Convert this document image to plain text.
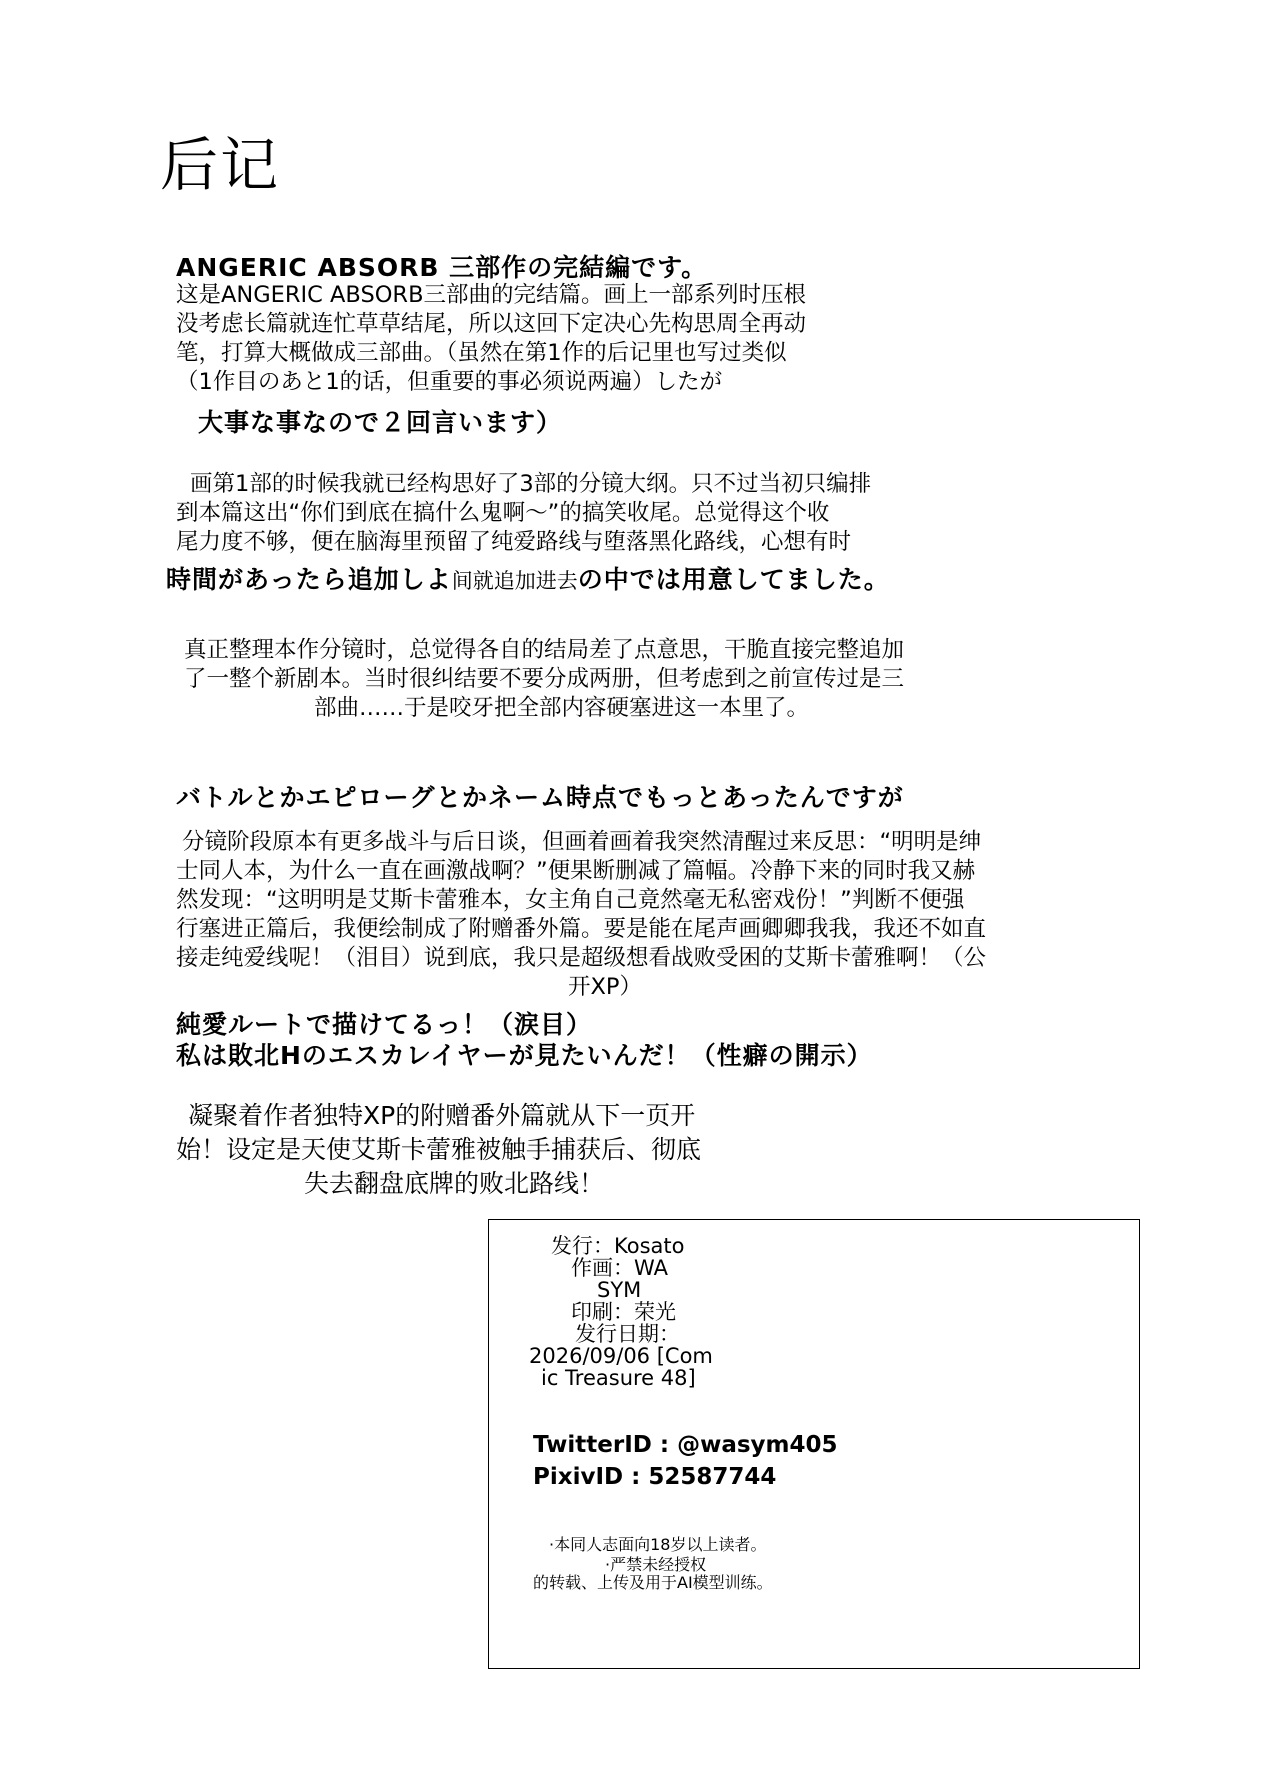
后记
ANGERIC ABSORB 三部作の完結編です。
这是ANGERIC ABSORB三部曲的完结篇。画上一部系列时压根
没考虑长篇就连忙草草结尾，所以这回下定决心先构思周全再动
笔，打算大概做成三部曲。（虽然在第1作的后记里也写过类似
（1作目のあと1的话，但重要的事必须说两遍）したが
大事な事なので２回言います）
画第1部的时候我就已经构思好了3部的分镜大纲。只不过当初只编排
到本篇这出“你们到底在搞什么鬼啊～”的搞笑收尾。总觉得这个收
尾力度不够，便在脑海里预留了纯爱路线与堕落黑化路线，心想有时
時間があったら追加しよ间就追加进去の中では用意してました。
真正整理本作分镜时，总觉得各自的结局差了点意思，干脆直接完整追加
了一整个新剧本。当时很纠结要不要分成两册，但考虑到之前宣传过是三
部曲……于是咬牙把全部内容硬塞进这一本里了。
バトルとかエピローグとかネーム時点でもっとあったんですが
分镜阶段原本有更多战斗与后日谈，但画着画着我突然清醒过来反思：“明明是绅
士同人本，为什么一直在画激战啊？”便果断删减了篇幅。冷静下来的同时我又赫
然发现：“这明明是艾斯卡蕾雅本，女主角自己竟然毫无私密戏份！”判断不便强
行塞进正篇后，我便绘制成了附赠番外篇。要是能在尾声画卿卿我我，我还不如直
接走纯爱线呢！（泪目）说到底，我只是超级想看战败受困的艾斯卡蕾雅啊！（公
开XP）
純愛ルートで描けてるっ！（涙目）
私は敗北Hのエスカレイヤーが見たいんだ！（性癖の開示）
凝聚着作者独特XP的附赠番外篇就从下一页开
始！设定是天使艾斯卡蕾雅被触手捕获后、彻底
失去翻盘底牌的败北路线！
发行：Kosato
作画：WA
SYM
印刷：荣光
发行日期：
2026/09/06 [Com
ic Treasure 48]
TwitterID : @wasym405
PixivID : 52587744
·本同人志面向18岁以上读者。
·严禁未经授权
的转载、上传及用于AI模型训练。
